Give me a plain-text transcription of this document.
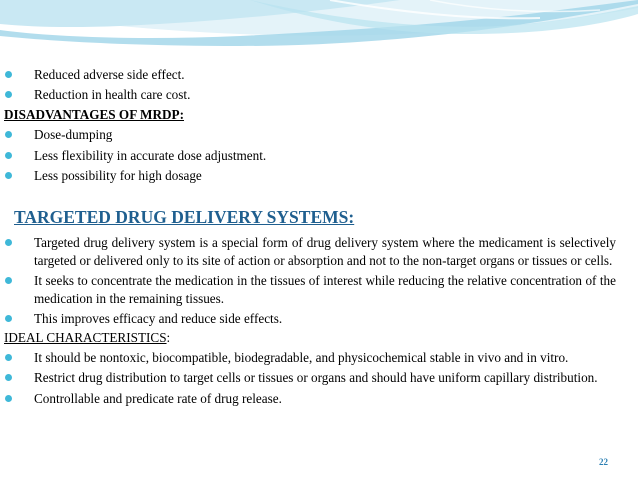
Reduced adverse side effect.

Reduction in health care cost.

DISADVANTAGES OF MRDP:

Dose-dumping

Less flexibility in accurate dose adjustment.

Less possibility for high dosage

TARGETED DRUG DELIVERY SYSTEMS:

Targeted drug delivery system is a special form of drug delivery system where the medicament is selectively targeted or delivered only to its site of action or absorption and not to the non-target organs or tissues or cells.

It seeks to concentrate the medication in the tissues of interest while reducing the relative concentration of the medication in the remaining tissues.

This improves efficacy and reduce side effects.

IDEAL CHARACTERISTICS:

It should be nontoxic, biocompatible, biodegradable, and physicochemical stable in vivo and in vitro.

Restrict drug distribution to target cells or tissues or organs and should have uniform capillary distribution.

Controllable and predicate rate of drug release.

22
